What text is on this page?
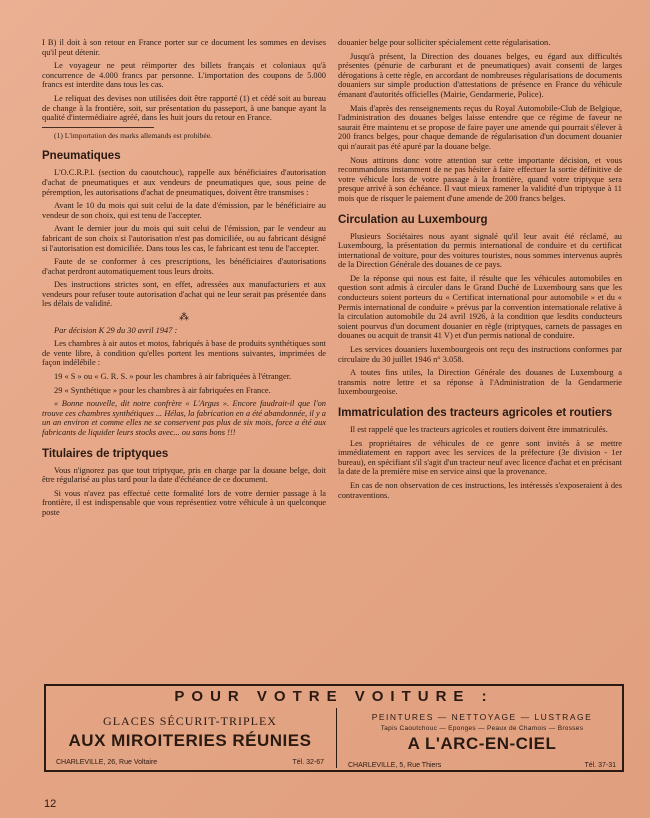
I B) il doit à son retour en France porter sur ce document les sommes en devises qu'il peut détenir.

Le voyageur ne peut réimporter des billets français et coloniaux qu'à concurrence de 4.000 francs par personne. L'importation des coupons de 5.000 francs est interdite dans tous les cas.

Le reliquat des devises non utilisées doit être rapporté (1) et cédé soit au bureau de change à la frontière, soit, sur présentation du passeport, à une banque ayant la qualité d'intermédiaire agréé, dans les huit jours du retour en France.

(1) L'importation des marks allemands est prohibée.

Pneumatiques

L'O.C.R.P.I. (section du caoutchouc), rappelle aux bénéficiaires d'autorisation d'achat de pneumatiques et aux vendeurs de pneumatiques que, sous peine de péremption, les autorisations d'achat de pneumatiques, doivent être transmises :

Avant le 10 du mois qui suit celui de la date d'émission, par le bénéficiaire au vendeur de son choix, qui est tenu de l'accepter.

Avant le dernier jour du mois qui suit celui de l'émission, par le vendeur au fabricant de son choix si l'autorisation n'est pas domiciliée, ou au fabricant désigné si l'autorisation est domiciliée. Dans tous les cas, le fabricant est tenu de l'accepter.

Faute de se conformer à ces prescriptions, les bénéficiaires d'autorisations d'achat perdront automatiquement tous leurs droits.

Des instructions strictes sont, en effet, adressées aux manufacturiers et aux vendeurs pour refuser toute autorisation d'achat qui ne leur serait pas présentée dans les délais de validité.

⁂

Par décision K 29 du 30 avril 1947 :

Les chambres à air autos et motos, fabriqués à base de produits synthétiques sont de vente libre, à condition qu'elles portent les mentions suivantes, imprimées de façon indélébile :

19 « S » ou « G. R. S. » pour les chambres à air fabriquées à l'étranger.

29 « Synthétique » pour les chambres à air fabriquées en France.

« Bonne nouvelle, dit notre confrère « L'Argus ». Encore faudrait-il que l'on trouve ces chambres synthétiques ... Hélas, la fabrication en a été abandonnée, il y a un an environ et comme elles ne se conservent pas plus de six mois, force a été aux fabricants de liquider leurs stocks avec... ou sans bons !!!

Titulaires de triptyques

Vous n'ignorez pas que tout triptyque, pris en charge par la douane belge, doit être régularisé au plus tard pour la date d'échéance de ce document.

Si vous n'avez pas effectué cette formalité lors de votre dernier passage à la frontière, il est indispensable que vous représentiez votre véhicule à un quelconque poste

douanier belge pour solliciter spécialement cette régularisation.

Jusqu'à présent, la Direction des douanes belges, eu égard aux difficultés présentes (pénurie de carburant et de pneumatiques) avait consenti de larges dérogations à cette règle, en accordant de nombreuses régularisations de documents douaniers sur simple production d'attestations de présence en France du véhicule émanant d'autorités officielles (Mairie, Gendarmerie, Police).

Mais d'après des renseignements reçus du Royal Automobile-Club de Belgique, l'administration des douanes belges laisse entendre que ce régime de faveur ne saurait être maintenu et se propose de faire payer une amende qui pourrait s'élever à 200 francs belges, pour chaque demande de régularisation d'un document douanier qui n'aurait pas été apuré par la douane belge.

Nous attirons donc votre attention sur cette importante décision, et vous recommandons instamment de ne pas hésiter à faire effectuer la sortie définitive de votre véhicule lors de votre passage à la frontière, quand votre triptyque sera presque arrivé à son échéance. Il vaut mieux ramener la validité d'un triptyque à 11 mois que de risquer le paiement d'une amende de 200 francs belges.

Circulation au Luxembourg

Plusieurs Sociétaires nous ayant signalé qu'il leur avait été réclamé, au Luxembourg, la présentation du permis international de conduire et du certificat international de voiture, pour des voitures touristes, nous sommes intervenus auprès de la Direction Générale des douanes de ce pays.

De la réponse qui nous est faite, il résulte que les véhicules automobiles en question sont admis à circuler dans le Grand Duché de Luxembourg sans que les conducteurs soient porteurs du « Certificat international pour automobile » et du « Permis international de conduire » prévus par la convention internationale relative à la circulation automobile du 24 avril 1926, à la condition que lesdits conducteurs soient pourvus d'un document douanier en règle (triptyques, carnets de passages en douanes ou acquit de transit 41 V) et d'un permis national de conduire.

Les services douaniers luxembourgeois ont reçu des instructions conformes par circulaire du 30 juillet 1946 n° 3.058.

A toutes fins utiles, la Direction Générale des douanes de Luxembourg a transmis notre lettre et sa réponse à l'Administration de la Gendarmerie luxembourgeoise.

Immatriculation des tracteurs agricoles et routiers

Il est rappelé que les tracteurs agricoles et routiers doivent être immatriculés.

Les propriétaires de véhicules de ce genre sont invités à se mettre immédiatement en rapport avec les services de la préfecture (3e division - 1er bureau), en spécifiant s'il s'agit d'un tracteur neuf avec licence d'achat et en précisant la date de la première mise en service ainsi que la provenance.

En cas de non observation de ces instructions, les intéressés s'exposeraient à des contraventions.

POUR VOTRE VOITURE :
GLACES SÉCURIT-TRIPLEX
AUX MIROITERIES RÉUNIES
CHARLEVILLE, 26, Rue Voltaire	Tél. 32-67
PEINTURES — NETTOYAGE — LUSTRAGE
Tapis Caoutchouc — Eponges — Peaux de Chamois — Brosses
A L'ARC-EN-CIEL
CHARLEVILLE, 5, Rue Thiers	Tél. 37-31
12
